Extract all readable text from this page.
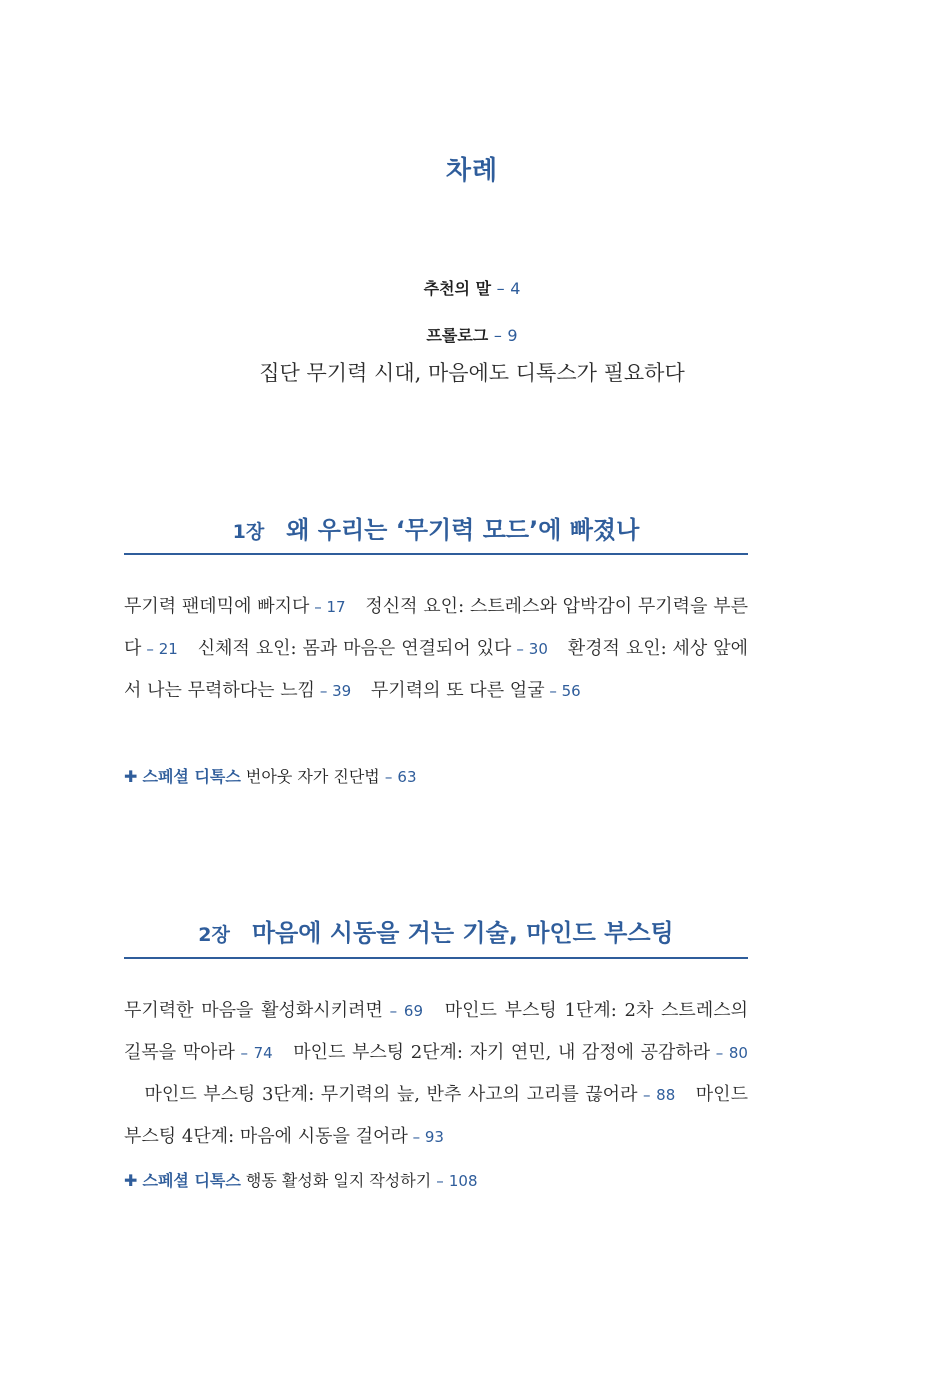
차례
추천의 말 – 4
프롤로그 – 9
집단 무기력 시대, 마음에도 디톡스가 필요하다
1장 왜 우리는 ‘무기력 모드’에 빠졌나

무기력 팬데믹에 빠지다 – 17 정신적 요인: 스트레스와 압박감이 무기력을 부른다 – 21 신체적 요인: 몸과 마음은 연결되어 있다 – 30 환경적 요인: 세상 앞에서 나는 무력하다는 느낌 – 39 무기력의 또 다른 얼굴 – 56

✚ 스페셜 디톡스 번아웃 자가 진단법 – 63
2장 마음에 시동을 거는 기술, 마인드 부스팅

무기력한 마음을 활성화시키려면 – 69 마인드 부스팅 1단계: 2차 스트레스의 길목을 막아라 – 74 마인드 부스팅 2단계: 자기 연민, 내 감정에 공감하라 – 80 마인드 부스팅 3단계: 무기력의 늪, 반추 사고의 고리를 끊어라 – 88 마인드 부스팅 4단계: 마음에 시동을 걸어라 – 93

✚ 스페셜 디톡스 행동 활성화 일지 작성하기 – 108
